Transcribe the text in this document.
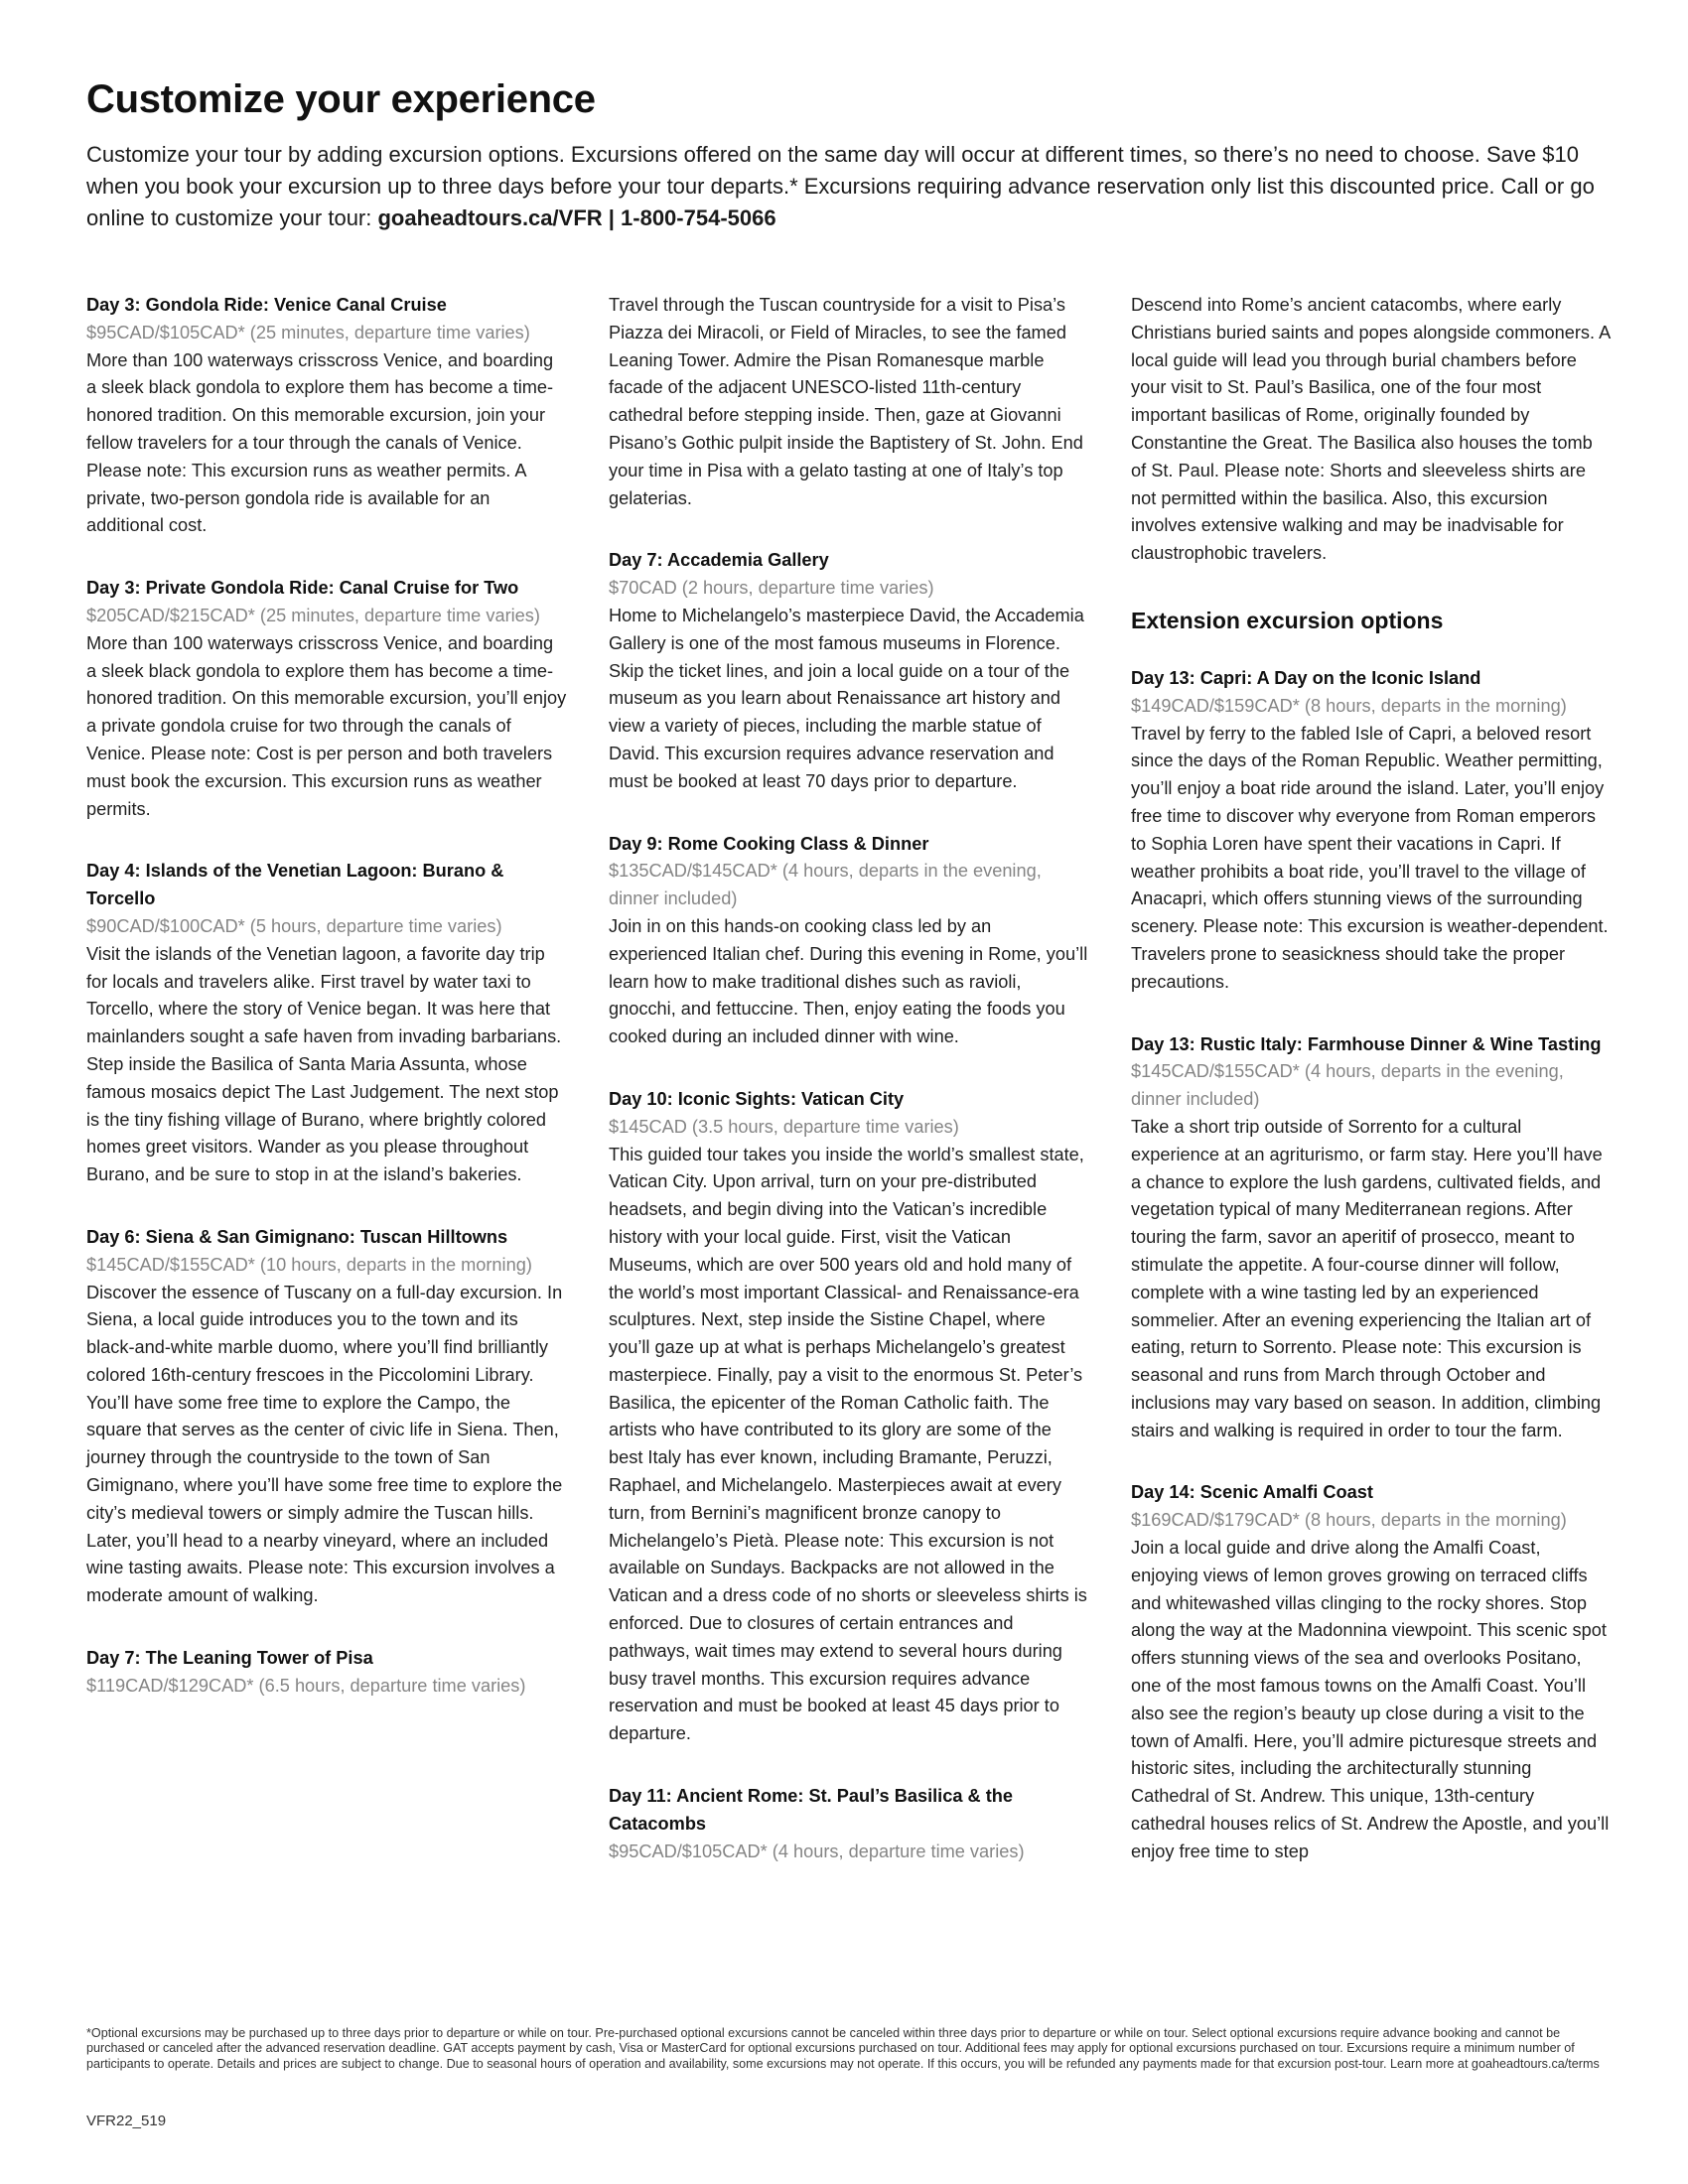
Customize your experience

Customize your tour by adding excursion options. Excursions offered on the same day will occur at different times, so there’s no need to choose. Save $10 when you book your excursion up to three days before your tour departs.* Excursions requiring advance reservation only list this discounted price. Call or go online to customize your tour: goaheadtours.ca/VFR | 1-800-754-5066

Day 3: Gondola Ride: Venice Canal Cruise

$95CAD/$105CAD* (25 minutes, departure time varies)

More than 100 waterways crisscross Venice, and boarding a sleek black gondola to explore them has become a time-honored tradition. On this memorable excursion, join your fellow travelers for a tour through the canals of Venice. Please note: This excursion runs as weather permits. A private, two-person gondola ride is available for an additional cost.

Day 3: Private Gondola Ride: Canal Cruise for Two

$205CAD/$215CAD* (25 minutes, departure time varies)

More than 100 waterways crisscross Venice, and boarding a sleek black gondola to explore them has become a time-honored tradition. On this memorable excursion, you’ll enjoy a private gondola cruise for two through the canals of Venice. Please note: Cost is per person and both travelers must book the excursion. This excursion runs as weather permits.

Day 4: Islands of the Venetian Lagoon: Burano & Torcello

$90CAD/$100CAD* (5 hours, departure time varies)

Visit the islands of the Venetian lagoon, a favorite day trip for locals and travelers alike. First travel by water taxi to Torcello, where the story of Venice began. It was here that mainlanders sought a safe haven from invading barbarians. Step inside the Basilica of Santa Maria Assunta, whose famous mosaics depict The Last Judgement. The next stop is the tiny fishing village of Burano, where brightly colored homes greet visitors. Wander as you please throughout Burano, and be sure to stop in at the island’s bakeries.

Day 6: Siena & San Gimignano: Tuscan Hilltowns

$145CAD/$155CAD* (10 hours, departs in the morning)

Discover the essence of Tuscany on a full-day excursion. In Siena, a local guide introduces you to the town and its black-and-white marble duomo, where you’ll find brilliantly colored 16th-century frescoes in the Piccolomini Library. You’ll have some free time to explore the Campo, the square that serves as the center of civic life in Siena. Then, journey through the countryside to the town of San Gimignano, where you’ll have some free time to explore the city’s medieval towers or simply admire the Tuscan hills. Later, you’ll head to a nearby vineyard, where an included wine tasting awaits. Please note: This excursion involves a moderate amount of walking.

Day 7: The Leaning Tower of Pisa

$119CAD/$129CAD* (6.5 hours, departure time varies)

Travel through the Tuscan countryside for a visit to Pisa’s Piazza dei Miracoli, or Field of Miracles, to see the famed Leaning Tower. Admire the Pisan Romanesque marble facade of the adjacent UNESCO-listed 11th-century cathedral before stepping inside. Then, gaze at Giovanni Pisano’s Gothic pulpit inside the Baptistery of St. John. End your time in Pisa with a gelato tasting at one of Italy’s top gelaterias.

Day 7: Accademia Gallery

$70CAD (2 hours, departure time varies)

Home to Michelangelo’s masterpiece David, the Accademia Gallery is one of the most famous museums in Florence. Skip the ticket lines, and join a local guide on a tour of the museum as you learn about Renaissance art history and view a variety of pieces, including the marble statue of David. This excursion requires advance reservation and must be booked at least 70 days prior to departure.

Day 9: Rome Cooking Class & Dinner

$135CAD/$145CAD* (4 hours, departs in the evening, dinner included)

Join in on this hands-on cooking class led by an experienced Italian chef. During this evening in Rome, you’ll learn how to make traditional dishes such as ravioli, gnocchi, and fettuccine. Then, enjoy eating the foods you cooked during an included dinner with wine.

Day 10: Iconic Sights: Vatican City

$145CAD (3.5 hours, departure time varies)

This guided tour takes you inside the world’s smallest state, Vatican City. Upon arrival, turn on your pre-distributed headsets, and begin diving into the Vatican’s incredible history with your local guide. First, visit the Vatican Museums, which are over 500 years old and hold many of the world’s most important Classical- and Renaissance-era sculptures. Next, step inside the Sistine Chapel, where you’ll gaze up at what is perhaps Michelangelo’s greatest masterpiece. Finally, pay a visit to the enormous St. Peter’s Basilica, the epicenter of the Roman Catholic faith. The artists who have contributed to its glory are some of the best Italy has ever known, including Bramante, Peruzzi, Raphael, and Michelangelo. Masterpieces await at every turn, from Bernini’s magnificent bronze canopy to Michelangelo’s Pietà. Please note: This excursion is not available on Sundays. Backpacks are not allowed in the Vatican and a dress code of no shorts or sleeveless shirts is enforced. Due to closures of certain entrances and pathways, wait times may extend to several hours during busy travel months. This excursion requires advance reservation and must be booked at least 45 days prior to departure.

Day 11: Ancient Rome: St. Paul’s Basilica & the Catacombs

$95CAD/$105CAD* (4 hours, departure time varies)

Descend into Rome’s ancient catacombs, where early Christians buried saints and popes alongside commoners. A local guide will lead you through burial chambers before your visit to St. Paul’s Basilica, one of the four most important basilicas of Rome, originally founded by Constantine the Great. The Basilica also houses the tomb of St. Paul. Please note: Shorts and sleeveless shirts are not permitted within the basilica. Also, this excursion involves extensive walking and may be inadvisable for claustrophobic travelers.

Extension excursion options
Day 13: Capri: A Day on the Iconic Island

$149CAD/$159CAD* (8 hours, departs in the morning)

Travel by ferry to the fabled Isle of Capri, a beloved resort since the days of the Roman Republic. Weather permitting, you’ll enjoy a boat ride around the island. Later, you’ll enjoy free time to discover why everyone from Roman emperors to Sophia Loren have spent their vacations in Capri. If weather prohibits a boat ride, you’ll travel to the village of Anacapri, which offers stunning views of the surrounding scenery. Please note: This excursion is weather-dependent. Travelers prone to seasickness should take the proper precautions.

Day 13: Rustic Italy: Farmhouse Dinner & Wine Tasting

$145CAD/$155CAD* (4 hours, departs in the evening, dinner included)

Take a short trip outside of Sorrento for a cultural experience at an agriturismo, or farm stay. Here you’ll have a chance to explore the lush gardens, cultivated fields, and vegetation typical of many Mediterranean regions. After touring the farm, savor an aperitif of prosecco, meant to stimulate the appetite. A four-course dinner will follow, complete with a wine tasting led by an experienced sommelier. After an evening experiencing the Italian art of eating, return to Sorrento. Please note: This excursion is seasonal and runs from March through October and inclusions may vary based on season. In addition, climbing stairs and walking is required in order to tour the farm.

Day 14: Scenic Amalfi Coast

$169CAD/$179CAD* (8 hours, departs in the morning)

Join a local guide and drive along the Amalfi Coast, enjoying views of lemon groves growing on terraced cliffs and whitewashed villas clinging to the rocky shores. Stop along the way at the Madonnina viewpoint. This scenic spot offers stunning views of the sea and overlooks Positano, one of the most famous towns on the Amalfi Coast. You’ll also see the region’s beauty up close during a visit to the town of Amalfi. Here, you’ll admire picturesque streets and historic sites, including the architecturally stunning Cathedral of St. Andrew. This unique, 13th-century cathedral houses relics of St. Andrew the Apostle, and you’ll enjoy free time to step

*Optional excursions may be purchased up to three days prior to departure or while on tour. Pre-purchased optional excursions cannot be canceled within three days prior to departure or while on tour. Select optional excursions require advance booking and cannot be purchased or canceled after the advanced reservation deadline. GAT accepts payment by cash, Visa or MasterCard for optional excursions purchased on tour. Additional fees may apply for optional excursions purchased on tour. Excursions require a minimum number of participants to operate. Details and prices are subject to change. Due to seasonal hours of operation and availability, some excursions may not operate. If this occurs, you will be refunded any payments made for that excursion post-tour. Learn more at goaheadtours.ca/terms

VFR22_519
